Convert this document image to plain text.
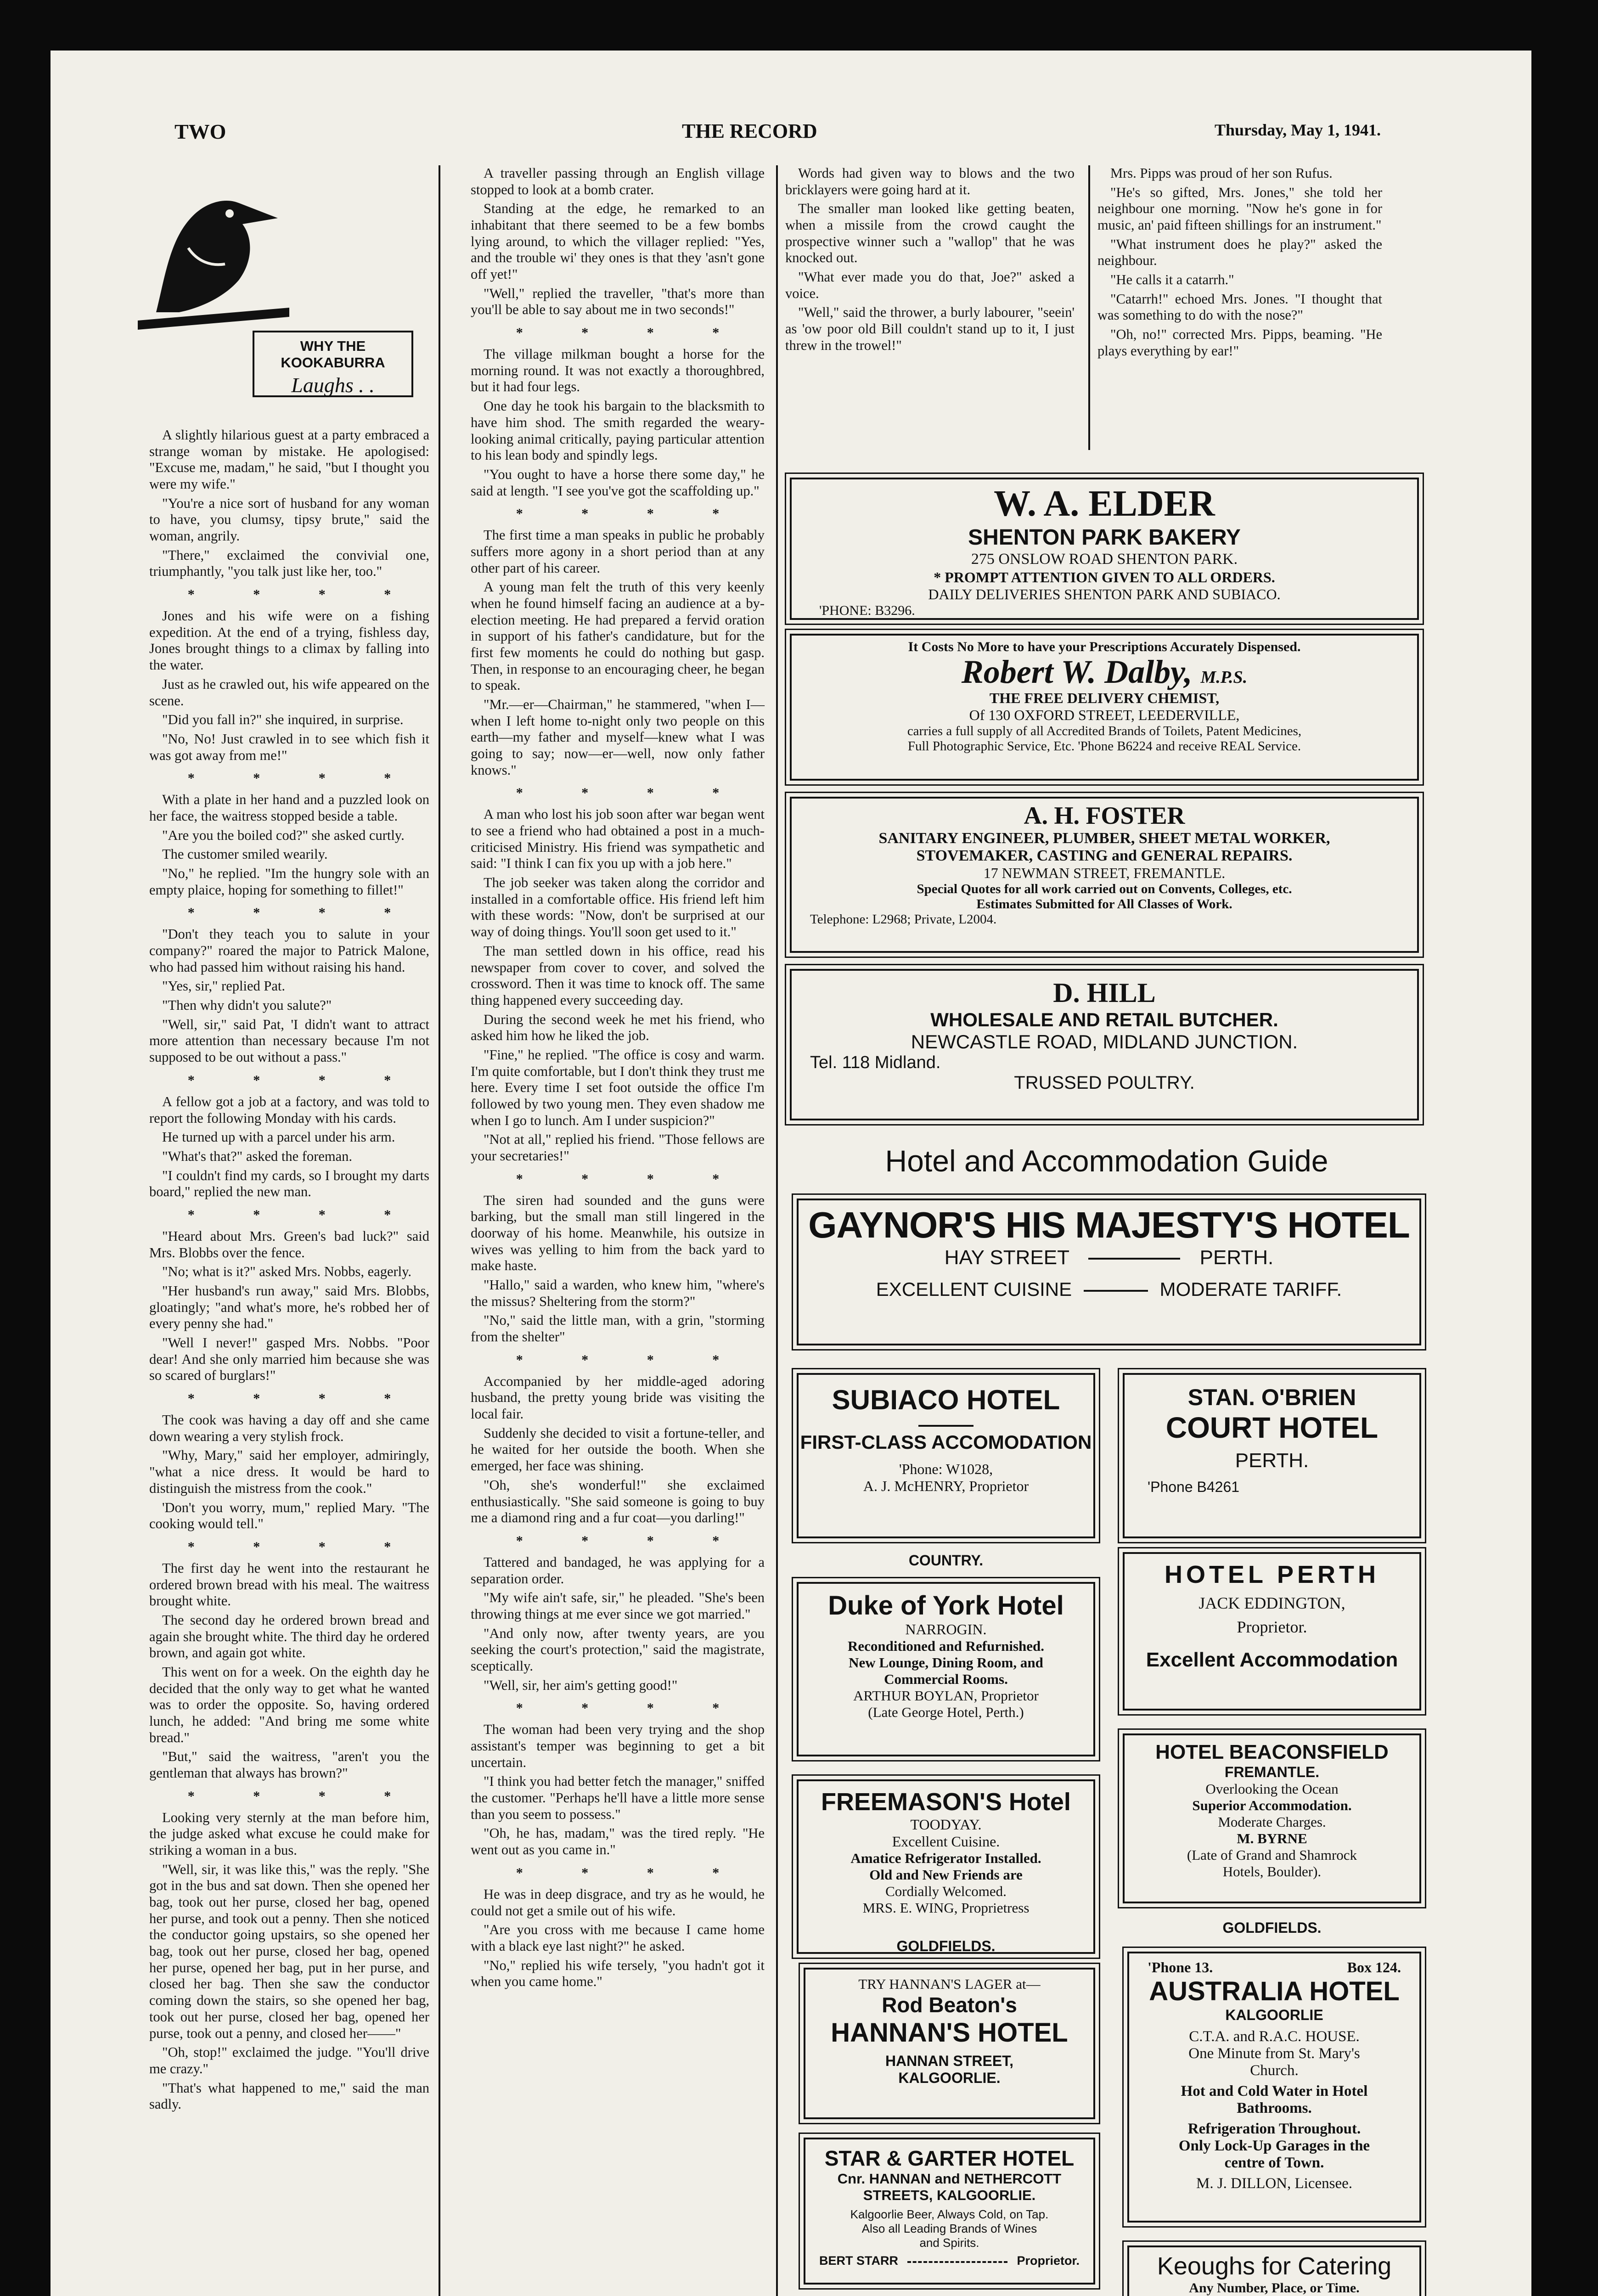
TWO	THE RECORD	Thursday, May 1, 1941.
WHY THE KOOKABURRA
Laughs . .

A slightly hilarious guest at a party embraced a strange woman by mistake. He apologised: "Excuse me, madam," he said, "but I thought you were my wife."

"You're a nice sort of husband for any woman to have, you clumsy, tipsy brute," said the woman, angrily.

"There," exclaimed the convivial one, triumphantly, "you talk just like her, too."

* * * *

Jones and his wife were on a fishing expedition. At the end of a trying, fishless day, Jones brought things to a climax by falling into the water.

Just as he crawled out, his wife appeared on the scene.

"Did you fall in?" she inquired, in surprise.

"No, No! Just crawled in to see which fish it was got away from me!"

* * * *

With a plate in her hand and a puzzled look on her face, the waitress stopped beside a table.

"Are you the boiled cod?" she asked curtly.

The customer smiled wearily.

"No," he replied. "Im the hungry sole with an empty plaice, hoping for something to fillet!"

* * * *

"Don't they teach you to salute in your company?" roared the major to Patrick Malone, who had passed him without raising his hand.

"Yes, sir," replied Pat.

"Then why didn't you salute?"

"Well, sir," said Pat, 'I didn't want to attract more attention than necessary because I'm not supposed to be out without a pass."

* * * *

A fellow got a job at a factory, and was told to report the following Monday with his cards.

He turned up with a parcel under his arm.

"What's that?" asked the foreman.

"I couldn't find my cards, so I brought my darts board," replied the new man.

* * * *

"Heard about Mrs. Green's bad luck?" said Mrs. Blobbs over the fence.

"No; what is it?" asked Mrs. Nobbs, eagerly.

"Her husband's run away," said Mrs. Blobbs, gloatingly; "and what's more, he's robbed her of every penny she had."

"Well I never!" gasped Mrs. Nobbs. "Poor dear! And she only married him because she was so scared of burglars!"

* * * *

The cook was having a day off and she came down wearing a very stylish frock.

"Why, Mary," said her employer, admiringly, "what a nice dress. It would be hard to distinguish the mistress from the cook."

'Don't you worry, mum," replied Mary. "The cooking would tell."

* * * *

The first day he went into the restaurant he ordered brown bread with his meal. The waitress brought white.

The second day he ordered brown bread and again she brought white. The third day he ordered brown, and again got white.

This went on for a week. On the eighth day he decided that the only way to get what he wanted was to order the opposite. So, having ordered lunch, he added: "And bring me some white bread."

"But," said the waitress, "aren't you the gentleman that always has brown?"

* * * *

Looking very sternly at the man before him, the judge asked what excuse he could make for striking a woman in a bus.

"Well, sir, it was like this," was the reply. "She got in the bus and sat down. Then she opened her bag, took out her purse, closed her bag, opened her purse, and took out a penny. Then she noticed the conductor going upstairs, so she opened her bag, took out her purse, closed her bag, opened her purse, opened her bag, put in her purse, and closed her bag. Then she saw the conductor coming down the stairs, so she opened her bag, took out her purse, closed her bag, opened her purse, took out a penny, and closed her——"

"Oh, stop!" exclaimed the judge. "You'll drive me crazy."

"That's what happened to me," said the man sadly.

A traveller passing through an English village stopped to look at a bomb crater.

Standing at the edge, he remarked to an inhabitant that there seemed to be a few bombs lying around, to which the villager replied: "Yes, and the trouble wi' they ones is that they 'asn't gone off yet!"

"Well," replied the traveller, "that's more than you'll be able to say about me in two seconds!"

* * * *

The village milkman bought a horse for the morning round. It was not exactly a thoroughbred, but it had four legs.

One day he took his bargain to the blacksmith to have him shod. The smith regarded the weary-looking animal critically, paying particular attention to his lean body and spindly legs.

"You ought to have a horse there some day," he said at length. "I see you've got the scaffolding up."

* * * *

The first time a man speaks in public he probably suffers more agony in a short period than at any other part of his career.

A young man felt the truth of this very keenly when he found himself facing an audience at a by-election meeting. He had prepared a fervid oration in support of his father's candidature, but for the first few moments he could do nothing but gasp. Then, in response to an encouraging cheer, he began to speak.

"Mr.—er—Chairman," he stammered, "when I—when I left home to-night only two people on this earth—my father and myself—knew what I was going to say; now—er—well, now only father knows."

* * * *

A man who lost his job soon after war began went to see a friend who had obtained a post in a much-criticised Ministry. His friend was sympathetic and said: "I think I can fix you up with a job here."

The job seeker was taken along the corridor and installed in a comfortable office. His friend left him with these words: "Now, don't be surprised at our way of doing things. You'll soon get used to it."

The man settled down in his office, read his newspaper from cover to cover, and solved the crossword. Then it was time to knock off. The same thing happened every succeeding day.

During the second week he met his friend, who asked him how he liked the job.

"Fine," he replied. "The office is cosy and warm. I'm quite comfortable, but I don't think they trust me here. Every time I set foot outside the office I'm followed by two young men. They even shadow me when I go to lunch. Am I under suspicion?"

"Not at all," replied his friend. "Those fellows are your secretaries!"

* * * *

The siren had sounded and the guns were barking, but the small man still lingered in the doorway of his home. Meanwhile, his outsize in wives was yelling to him from the back yard to make haste.

"Hallo," said a warden, who knew him, "where's the missus? Sheltering from the storm?"

"No," said the little man, with a grin, "storming from the shelter"

* * * *

Accompanied by her middle-aged adoring husband, the pretty young bride was visiting the local fair.

Suddenly she decided to visit a fortune-teller, and he waited for her outside the booth. When she emerged, her face was shining.

"Oh, she's wonderful!" she exclaimed enthusiastically. "She said someone is going to buy me a diamond ring and a fur coat—you darling!"

* * * *

Tattered and bandaged, he was applying for a separation order.

"My wife ain't safe, sir," he pleaded. "She's been throwing things at me ever since we got married."

"And only now, after twenty years, are you seeking the court's protection," said the magistrate, sceptically.

"Well, sir, her aim's getting good!"

* * * *

The woman had been very trying and the shop assistant's temper was beginning to get a bit uncertain.

"I think you had better fetch the manager," sniffed the customer. "Perhaps he'll have a little more sense than you seem to possess."

"Oh, he has, madam," was the tired reply. "He went out as you came in."

* * * *

He was in deep disgrace, and try as he would, he could not get a smile out of his wife.

"Are you cross with me because I came home with a black eye last night?" he asked.

"No," replied his wife tersely, "you hadn't got it when you came home."

Words had given way to blows and the two bricklayers were going hard at it.

The smaller man looked like getting beaten, when a missile from the crowd caught the prospective winner such a "wallop" that he was knocked out.

"What ever made you do that, Joe?" asked a voice.

"Well," said the thrower, a burly labourer, "seein' as 'ow poor old Bill couldn't stand up to it, I just threw in the trowel!"

Mrs. Pipps was proud of her son Rufus.

"He's so gifted, Mrs. Jones," she told her neighbour one morning. "Now he's gone in for music, an' paid fifteen shillings for an instrument."

"What instrument does he play?" asked the neighbour.

"He calls it a catarrh."

"Catarrh!" echoed Mrs. Jones. "I thought that was something to do with the nose?"

"Oh, no!" corrected Mrs. Pipps, beaming. "He plays everything by ear!"

W. A. ELDER
SHENTON PARK BAKERY
275 ONSLOW ROAD SHENTON PARK.
* PROMPT ATTENTION GIVEN TO ALL ORDERS.
DAILY DELIVERIES SHENTON PARK AND SUBIACO.
'PHONE: B3296.
It Costs No More to have your Prescriptions Accurately Dispensed.
Robert W. Dalby, M.P.S.
THE FREE DELIVERY CHEMIST,
Of 130 OXFORD STREET, LEEDERVILLE,
carries a full supply of all Accredited Brands of Toilets, Patent Medicines,
Full Photographic Service, Etc. 'Phone B6224 and receive REAL Service.
A. H. FOSTER
SANITARY ENGINEER, PLUMBER, SHEET METAL WORKER,
STOVEMAKER, CASTING and GENERAL REPAIRS.
17 NEWMAN STREET, FREMANTLE.
Special Quotes for all work carried out on Convents, Colleges, etc.
Estimates Submitted for All Classes of Work.
Telephone: L2968; Private, L2004.
D. HILL
WHOLESALE AND RETAIL BUTCHER.
NEWCASTLE ROAD, MIDLAND JUNCTION.
Tel. 118 Midland.
TRUSSED POULTRY.
Hotel and Accommodation Guide
GAYNOR'S HIS MAJESTY'S HOTEL
HAY STREET	PERTH.
EXCELLENT CUISINE	MODERATE TARIFF.
SUBIACO HOTEL
FIRST-CLASS ACCOMODATION
'Phone: W1028,
A. J. McHENRY, Proprietor
STAN. O'BRIEN
COURT HOTEL
PERTH.
'Phone B4261
COUNTRY.
Duke of York Hotel
NARROGIN.
Reconditioned and Refurnished.
New Lounge, Dining Room, and
Commercial Rooms.
ARTHUR BOYLAN, Proprietor
(Late George Hotel, Perth.)
HOTEL PERTH
JACK EDDINGTON,
Proprietor.
Excellent Accommodation
FREEMASON'S Hotel
TOODYAY.
Excellent Cuisine.
Amatice Refrigerator Installed.
Old and New Friends are
Cordially Welcomed.
MRS. E. WING, Proprietress
HOTEL BEACONSFIELD
FREMANTLE.
Overlooking the Ocean
Superior Accommodation.
Moderate Charges.
M. BYRNE
(Late of Grand and Shamrock
Hotels, Boulder).
GOLDFIELDS.
GOLDFIELDS.
TRY HANNAN'S LAGER at—
Rod Beaton's
HANNAN'S HOTEL
HANNAN STREET,
KALGOORLIE.
'Phone 13.	Box 124.
AUSTRALIA HOTEL
KALGOORLIE
C.T.A. and R.A.C. HOUSE.
One Minute from St. Mary's
Church.
Hot and Cold Water in Hotel
Bathrooms.
Refrigeration Throughout.
Only Lock-Up Garages in the
centre of Town.
M. J. DILLON, Licensee.
STAR & GARTER HOTEL
Cnr. HANNAN and NETHERCOTT
STREETS, KALGOORLIE.
Kalgoorlie Beer, Always Cold, on Tap.
Also all Leading Brands of Wines
and Spirits.
BERT STARR	Proprietor.	Keoughs for Catering
Any Number, Place, or Time.
